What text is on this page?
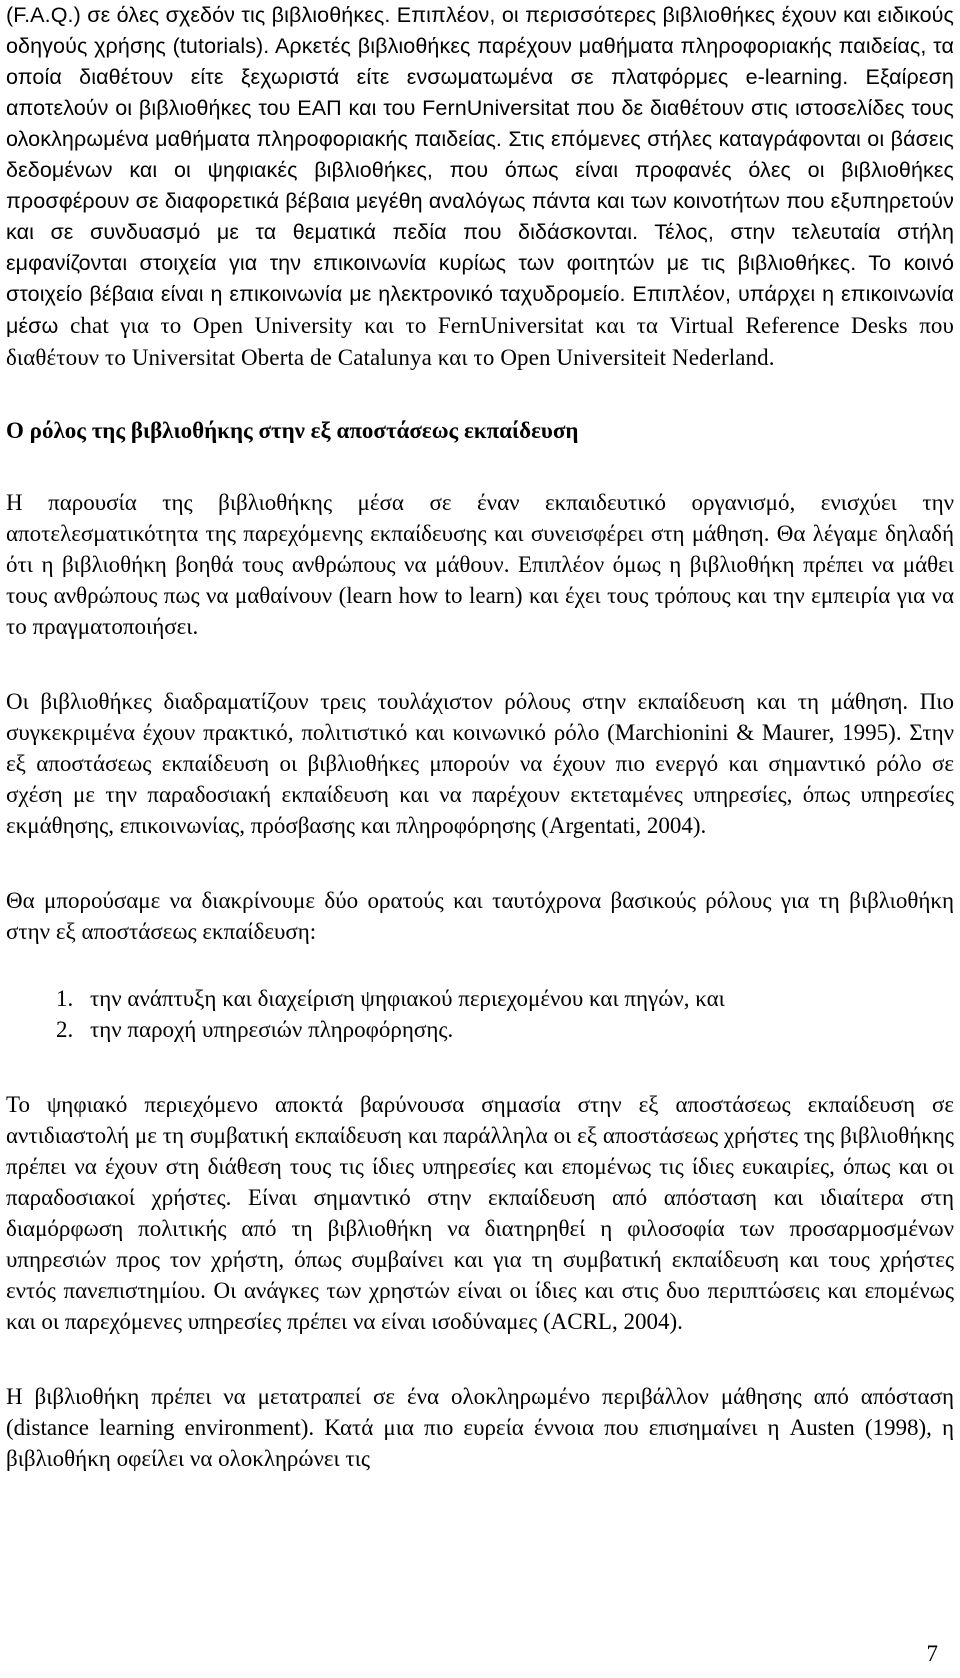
(F.A.Q.) σε όλες σχεδόν τις βιβλιοθήκες. Επιπλέον, οι περισσότερες βιβλιοθήκες έχουν και ειδικούς οδηγούς χρήσης (tutorials). Αρκετές βιβλιοθήκες παρέχουν μαθήματα πληροφοριακής παιδείας, τα οποία διαθέτουν είτε ξεχωριστά είτε ενσωματωμένα σε πλατφόρμες e-learning. Εξαίρεση αποτελούν οι βιβλιοθήκες του ΕΑΠ και του FernUniversitat που δε διαθέτουν στις ιστοσελίδες τους ολοκληρωμένα μαθήματα πληροφοριακής παιδείας. Στις επόμενες στήλες καταγράφονται οι βάσεις δεδομένων και οι ψηφιακές βιβλιοθήκες, που όπως είναι προφανές όλες οι βιβλιοθήκες προσφέρουν σε διαφορετικά βέβαια μεγέθη αναλόγως πάντα και των κοινοτήτων που εξυπηρετούν και σε συνδυασμό με τα θεματικά πεδία που διδάσκονται. Τέλος, στην τελευταία στήλη εμφανίζονται στοιχεία για την επικοινωνία κυρίως των φοιτητών με τις βιβλιοθήκες. Το κοινό στοιχείο βέβαια είναι η επικοινωνία με ηλεκτρονικό ταχυδρομείο. Επιπλέον, υπάρχει η επικοινωνία μέσω chat για το Open University και το FernUniversitat και τα Virtual Reference Desks που διαθέτουν το Universitat Oberta de Catalunya και το Open Universiteit Nederland.

Ο ρόλος της βιβλιοθήκης στην εξ αποστάσεως εκπαίδευση

Η παρουσία της βιβλιοθήκης μέσα σε έναν εκπαιδευτικό οργανισμό, ενισχύει την αποτελεσματικότητα της παρεχόμενης εκπαίδευσης και συνεισφέρει στη μάθηση. Θα λέγαμε δηλαδή ότι η βιβλιοθήκη βοηθά τους ανθρώπους να μάθουν. Επιπλέον όμως η βιβλιοθήκη πρέπει να μάθει τους ανθρώπους πως να μαθαίνουν (learn how to learn) και έχει τους τρόπους και την εμπειρία για να το πραγματοποιήσει.

Οι βιβλιοθήκες διαδραματίζουν τρεις τουλάχιστον ρόλους στην εκπαίδευση και τη μάθηση. Πιο συγκεκριμένα έχουν πρακτικό, πολιτιστικό και κοινωνικό ρόλο (Marchionini & Maurer, 1995). Στην εξ αποστάσεως εκπαίδευση οι βιβλιοθήκες μπορούν να έχουν πιο ενεργό και σημαντικό ρόλο σε σχέση με την παραδοσιακή εκπαίδευση και να παρέχουν εκτεταμένες υπηρεσίες, όπως υπηρεσίες εκμάθησης, επικοινωνίας, πρόσβασης και πληροφόρησης (Argentati, 2004).

Θα μπορούσαμε να διακρίνουμε δύο ορατούς και ταυτόχρονα βασικούς ρόλους για τη βιβλιοθήκη στην εξ αποστάσεως εκπαίδευση:

1. την ανάπτυξη και διαχείριση ψηφιακού περιεχομένου και πηγών, και
2. την παροχή υπηρεσιών πληροφόρησης.

Το ψηφιακό περιεχόμενο αποκτά βαρύνουσα σημασία στην εξ αποστάσεως εκπαίδευση σε αντιδιαστολή με τη συμβατική εκπαίδευση και παράλληλα οι εξ αποστάσεως χρήστες της βιβλιοθήκης πρέπει να έχουν στη διάθεση τους τις ίδιες υπηρεσίες και επομένως τις ίδιες ευκαιρίες, όπως και οι παραδοσιακοί χρήστες. Είναι σημαντικό στην εκπαίδευση από απόσταση και ιδιαίτερα στη διαμόρφωση πολιτικής από τη βιβλιοθήκη να διατηρηθεί η φιλοσοφία των προσαρμοσμένων υπηρεσιών προς τον χρήστη, όπως συμβαίνει και για τη συμβατική εκπαίδευση και τους χρήστες εντός πανεπιστημίου. Οι ανάγκες των χρηστών είναι οι ίδιες και στις δυο περιπτώσεις και επομένως και οι παρεχόμενες υπηρεσίες πρέπει να είναι ισοδύναμες (ACRL, 2004).

Η βιβλιοθήκη πρέπει να μετατραπεί σε ένα ολοκληρωμένο περιβάλλον μάθησης από απόσταση (distance learning environment). Κατά μια πιο ευρεία έννοια που επισημαίνει η Austen (1998), η βιβλιοθήκη οφείλει να ολοκληρώνει τις

7
